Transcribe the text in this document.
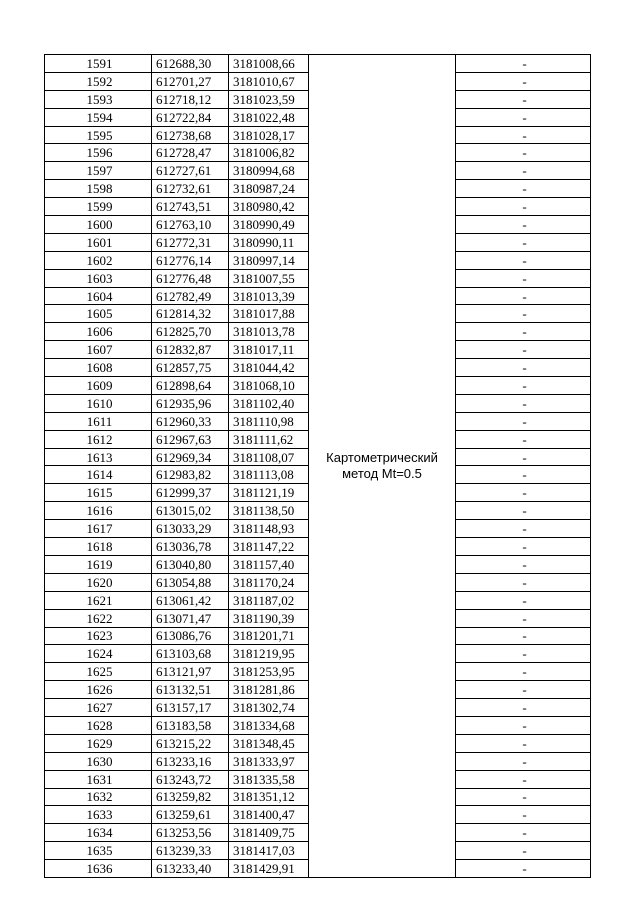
1591	612688,30	3181008,66	Картометрический метод Mt=0.5	-
1592	612701,27	3181010,67		-
1593	612718,12	3181023,59		-
1594	612722,84	3181022,48		-
1595	612738,68	3181028,17		-
1596	612728,47	3181006,82		-
1597	612727,61	3180994,68		-
1598	612732,61	3180987,24		-
1599	612743,51	3180980,42		-
1600	612763,10	3180990,49		-
1601	612772,31	3180990,11		-
1602	612776,14	3180997,14		-
1603	612776,48	3181007,55		-
1604	612782,49	3181013,39		-
1605	612814,32	3181017,88		-
1606	612825,70	3181013,78		-
1607	612832,87	3181017,11		-
1608	612857,75	3181044,42		-
1609	612898,64	3181068,10		-
1610	612935,96	3181102,40		-
1611	612960,33	3181110,98		-
1612	612967,63	3181111,62		-
1613	612969,34	3181108,07		-
1614	612983,82	3181113,08		-
1615	612999,37	3181121,19		-
1616	613015,02	3181138,50		-
1617	613033,29	3181148,93		-
1618	613036,78	3181147,22		-
1619	613040,80	3181157,40		-
1620	613054,88	3181170,24		-
1621	613061,42	3181187,02		-
1622	613071,47	3181190,39		-
1623	613086,76	3181201,71		-
1624	613103,68	3181219,95		-
1625	613121,97	3181253,95		-
1626	613132,51	3181281,86		-
1627	613157,17	3181302,74		-
1628	613183,58	3181334,68		-
1629	613215,22	3181348,45		-
1630	613233,16	3181333,97		-
1631	613243,72	3181335,58		-
1632	613259,82	3181351,12		-
1633	613259,61	3181400,47		-
1634	613253,56	3181409,75		-
1635	613239,33	3181417,03		-
1636	613233,40	3181429,91		-
